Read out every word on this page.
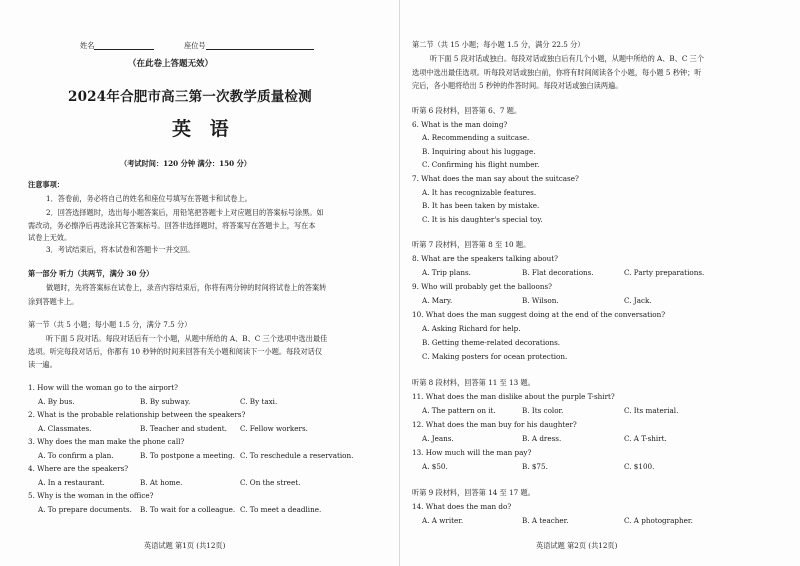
姓名	座位号
（在此卷上答题无效）
2024年合肥市高三第一次教学质量检测
英 语
（考试时间：120 分钟 满分：150 分）
注意事项：
1．答卷前，务必将自己的姓名和座位号填写在答题卡和试卷上。
2．回答选择题时，选出每小题答案后，用铅笔把答题卡上对应题目的答案标号涂黑。如
需改动，务必擦净后再选涂其它答案标号。回答非选择题时，将答案写在答题卡上，写在本
试卷上无效。
3．考试结束后，将本试卷和答题卡一并交回。
第一部分 听力（共两节，满分 30 分）
做题时，先将答案标在试卷上，录音内容结束后，你将有两分钟的时间将试卷上的答案转
涂到答题卡上。
第一节（共 5 小题；每小题 1.5 分，满分 7.5 分）
听下面 5 段对话。每段对话后有一个小题，从题中所给的 A、B、C 三个选项中选出最佳
选项。听完每段对话后，你都有 10 秒钟的时间来回答有关小题和阅读下一小题。每段对话仅
读一遍。
1. How will the woman go to the airport?
A. By bus.	B. By subway.	C. By taxi.
2. What is the probable relationship between the speakers?
A. Classmates.	B. Teacher and student. C. Fellow workers.
3. Why does the man make the phone call?
A. To confirm a plan.	B. To postpone a meeting. C. To reschedule a reservation.
4. Where are the speakers?
A. In a restaurant.	B. At home.	C. On the street.
5. Why is the woman in the office?
A. To prepare documents. B. To wait for a colleague. C. To meet a deadline.
英语试题 第1页 (共12页)
第二节（共 15 小题；每小题 1.5 分，满分 22.5 分）
听下面 5 段对话或独白。每段对话或独白后有几个小题，从题中所给的 A、B、C 三个
选项中选出最佳选项。听每段对话或独白前，你将有时间阅读各个小题，每小题 5 秒钟；听
完后，各小题将给出 5 秒钟的作答时间。每段对话或独白读两遍。
听第 6 段材料，回答第 6、7 题。
6. What is the man doing?
A. Recommending a suitcase.
B. Inquiring about his luggage.
C. Confirming his flight number.
7. What does the man say about the suitcase?
A. It has recognizable features.
B. It has been taken by mistake.
C. It is his daughter's special toy.
听第 7 段材料，回答第 8 至 10 题。
8. What are the speakers talking about?
A. Trip plans.	B. Flat decorations.	C. Party preparations.
9. Who will probably get the balloons?
A. Mary.	B. Wilson.	C. Jack.
10. What does the man suggest doing at the end of the conversation?
A. Asking Richard for help.
B. Getting theme-related decorations.
C. Making posters for ocean protection.
听第 8 段材料，回答第 11 至 13 题。
11. What does the man dislike about the purple T-shirt?
A. The pattern on it.	B. Its color.	C. Its material.
12. What does the man buy for his daughter?
A. Jeans.	B. A dress.	C. A T-shirt.
13. How much will the man pay?
A. $50.	B. $75.	C. $100.
听第 9 段材料，回答第 14 至 17 题。
14. What does the man do?
A. A writer.	B. A teacher.	C. A photographer.
英语试题 第2页 (共12页)
